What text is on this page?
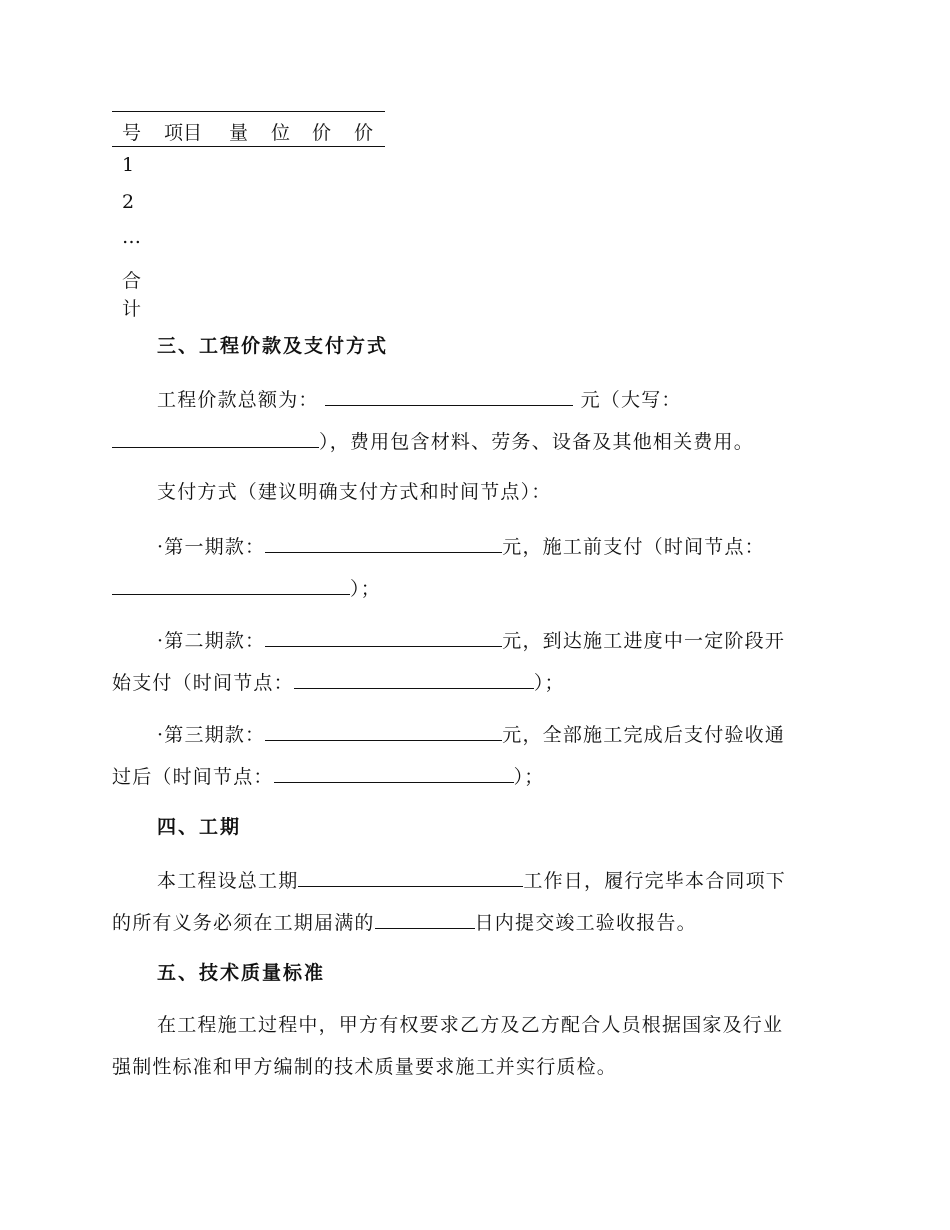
号 项目 量 位 价 价
1
2
…
合
计
三、工程价款及支付方式
工程价款总额为：	元（大写：
），费用包含材料、劳务、设备及其他相关费用。
支付方式（建议明确支付方式和时间节点）：
·第一期款：	元，施工前支付（时间节点：
）；
·第二期款：	元，到达施工进度中一定阶段开
始支付（时间节点：	）；
·第三期款：	元，全部施工完成后支付验收通
过后（时间节点：	）；
四、工期
本工程设总工期	工作日，履行完毕本合同项下
的所有义务必须在工期届满的	日内提交竣工验收报告。
五、技术质量标准
在工程施工过程中，甲方有权要求乙方及乙方配合人员根据国家及行业
强制性标准和甲方编制的技术质量要求施工并实行质检。
